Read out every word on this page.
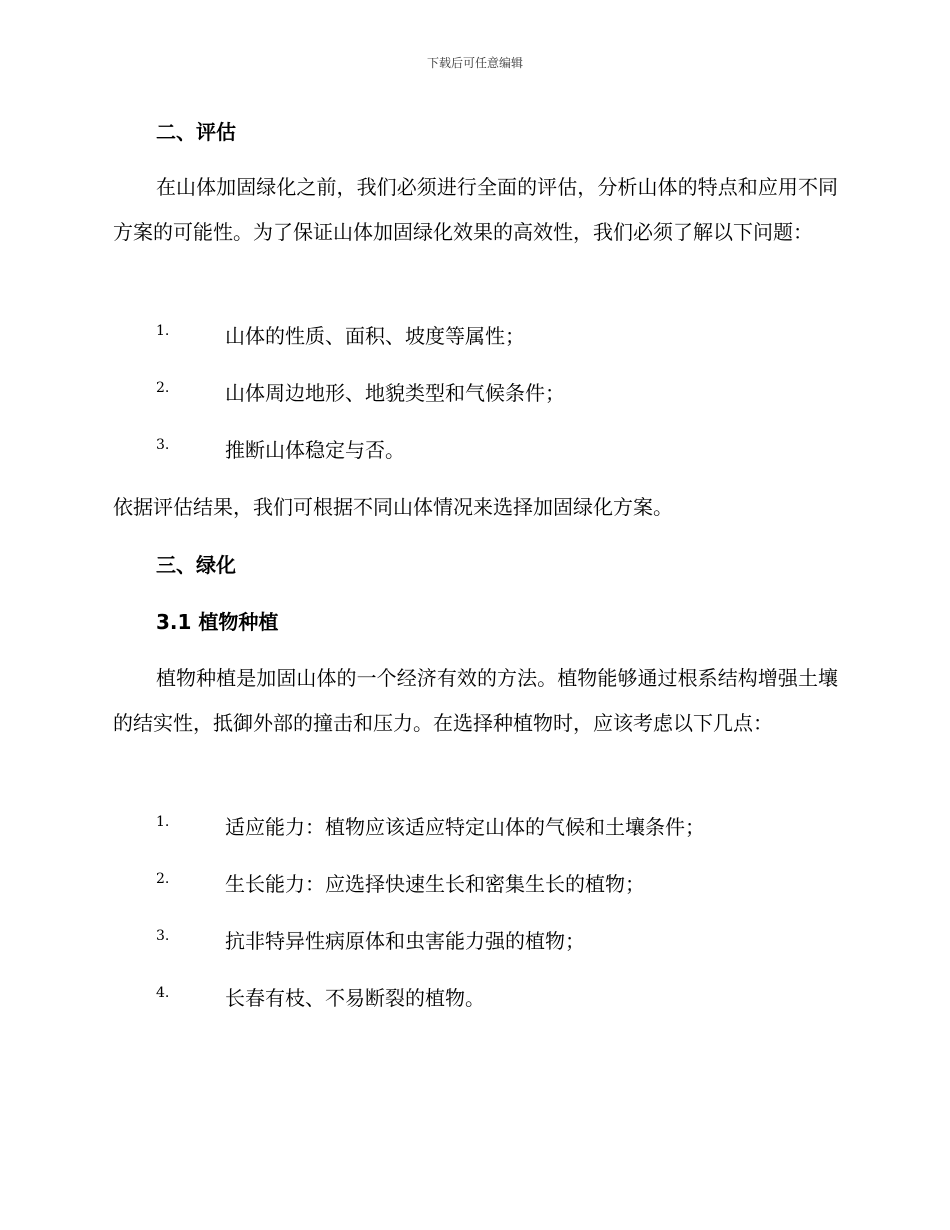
下载后可任意编辑
二、评估
在山体加固绿化之前，我们必须进行全面的评估，分析山体的特点和应用不同方案的可能性。为了保证山体加固绿化效果的高效性，我们必须了解以下问题：
1.	山体的性质、面积、坡度等属性；
2.	山体周边地形、地貌类型和气候条件；
3.	推断山体稳定与否。
依据评估结果，我们可根据不同山体情况来选择加固绿化方案。
三、绿化
3.1 植物种植
植物种植是加固山体的一个经济有效的方法。植物能够通过根系结构增强土壤的结实性，抵御外部的撞击和压力。在选择种植物时，应该考虑以下几点：
1.	适应能力：植物应该适应特定山体的气候和土壤条件；
2.	生长能力：应选择快速生长和密集生长的植物；
3.	抗非特异性病原体和虫害能力强的植物；
4.	长春有枝、不易断裂的植物。
